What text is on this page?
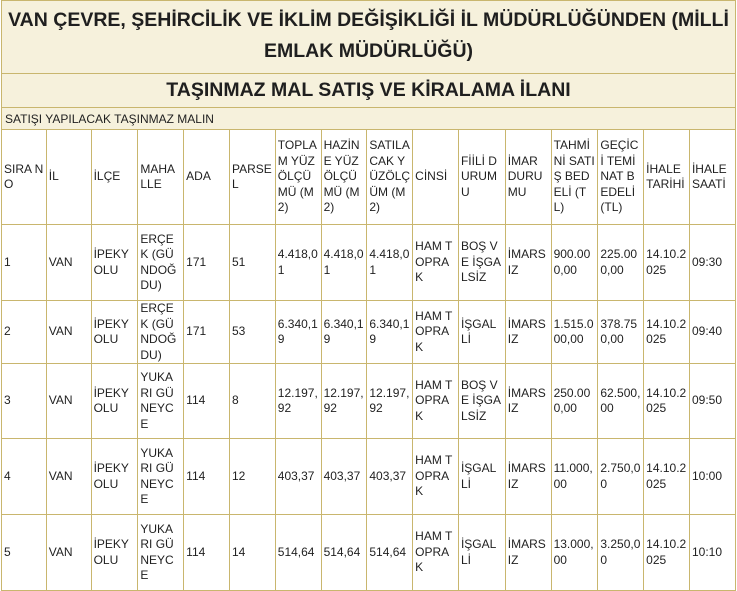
VAN ÇEVRE, ŞEHİRCİLİK VE İKLİM DEĞİŞİKLİĞİ İL MÜDÜRLÜĞÜNDEN (MİLLİ EMLAK MÜDÜRLÜĞÜ)															
TAŞINMAZ MAL SATIŞ VE KİRALAMA İLANI															
SATIŞI YAPILACAK TAŞINMAZ MALIN															
SIRA NO	İL	İLÇE	MAHALLE	ADA	PARSEL	TOPLAM YÜZÖLÇÜMÜ (M2)	HAZİNE YÜZÖLÇÜMÜ (M2)	SATILACAK YÜZÖLÇÜM (M2)	CİNSİ	FİİLİ DURUMU	İMAR DURUMU	TAHMİNİ SATIŞ BEDELİ (TL)	GEÇİCİ TEMİNAT BEDELİ (TL)	İHALE TARİHİ	İHALE SAATİ
1	VAN	İPEKYOLU	ERÇEK (GÜNDOĞDU)	171	51	4.418,01	4.418,01	4.418,01	HAM TOPRAK	BOŞ VE İŞGALSİZ	İMARSIZ	900.000,00	225.000,00	14.10.2025	09:30
2	VAN	İPEKYOLU	ERÇEK (GÜNDOĞDU)	171	53	6.340,19	6.340,19	6.340,19	HAM TOPRAK	İŞGALLİ	İMARSIZ	1.515.000,00	378.750,00	14.10.2025	09:40
3	VAN	İPEKYOLU	YUKARI GÜNEYCE	114	8	12.197,92	12.197,92	12.197,92	HAM TOPRAK	BOŞ VE İŞGALSİZ	İMARSIZ	250.000,00	62.500,00	14.10.2025	09:50
4	VAN	İPEKYOLU	YUKARI GÜNEYCE	114	12	403,37	403,37	403,37	HAM TOPRAK	İŞGALLİ	İMARSIZ	11.000,00	2.750,00	14.10.2025	10:00
5	VAN	İPEKYOLU	YUKARI GÜNEYCE	114	14	514,64	514,64	514,64	HAM TOPRAK	İŞGALLİ	İMARSIZ	13.000,00	3.250,00	14.10.2025	10:10
